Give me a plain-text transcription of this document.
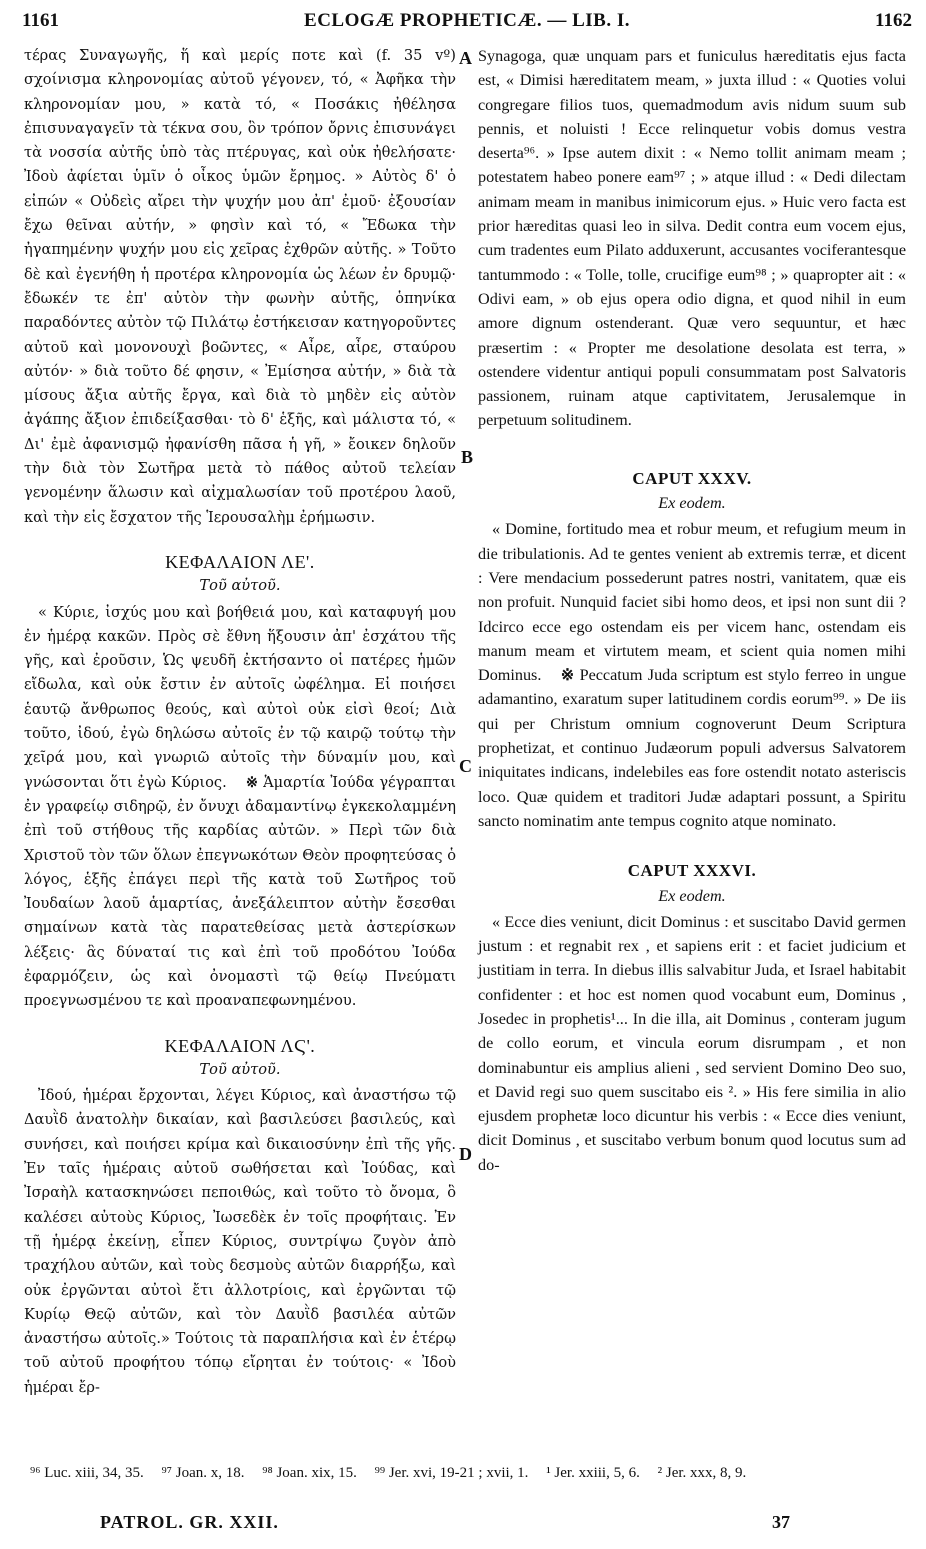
1161	ECLOGÆ PROPHETICÆ. — LIB. I.	1162
A
B
C
D

τέρας Συναγωγῆς, ἥ καὶ μερίς ποτε καὶ (f. 35 vº) σχοίνισμα κληρονομίας αὐτοῦ γέγονεν, τό, « Ἀφῆκα τὴν κληρονομίαν μου, » κατὰ τό, « Ποσάκις ἠθέλησα ἐπισυναγαγεῖν τὰ τέκνα σου, ὃν τρόπον ὄρνις ἐπισυνάγει τὰ νοσσία αὐτῆς ὑπὸ τὰς πτέρυγας, καὶ οὐκ ἠθελήσατε· Ἰδοὺ ἀφίεται ὑμῖν ὁ οἶκος ὑμῶν ἔρημος. » Αὐτὸς δ' ὁ εἰπών « Οὐδεὶς αἴρει τὴν ψυχήν μου ἀπ' ἐμοῦ· ἐξουσίαν ἔχω θεῖναι αὐτήν, » φησὶν καὶ τό, « Ἔδωκα τὴν ἠγαπημένην ψυχήν μου εἰς χεῖρας ἐχθρῶν αὐτῆς. » Τοῦτο δὲ καὶ ἐγενήθη ἡ προτέρα κληρονομία ὡς λέων ἐν δρυμῷ· ἔδωκέν τε ἐπ' αὐτὸν τὴν φωνὴν αὐτῆς, ὁπηνίκα παραδόντες αὐτὸν τῷ Πιλάτῳ ἐστήκεισαν κατηγοροῦντες αὐτοῦ καὶ μονονουχὶ βοῶντες, « Αἶρε, αἶρε, σταύρου αὐτόν· » διὰ τοῦτο δέ φησιν, « Ἐμίσησα αὐτήν, » διὰ τὰ μίσους ἄξια αὐτῆς ἔργα, καὶ διὰ τὸ μηδὲν εἰς αὐτὸν ἀγάπης ἄξιον ἐπιδείξασθαι· τὸ δ' ἑξῆς, καὶ μάλιστα τό, « Δι' ἐμὲ ἀφανισμῷ ἠφανίσθη πᾶσα ἡ γῆ, » ἔοικεν δηλοῦν τὴν διὰ τὸν Σωτῆρα μετὰ τὸ πάθος αὐτοῦ τελείαν γενομένην ἅλωσιν καὶ αἰχμαλωσίαν τοῦ προτέρου λαοῦ, καὶ τὴν εἰς ἔσχατον τῆς Ἱερουσαλὴμ ἐρήμωσιν.

ΚΕΦΑΛΑΙΟΝ ΛΕ'.
Τοῦ αὐτοῦ.

« Κύριε, ἰσχύς μου καὶ βοήθειά μου, καὶ καταφυγή μου ἐν ἡμέρᾳ κακῶν. Πρὸς σὲ ἔθνη ἥξουσιν ἀπ' ἐσχάτου τῆς γῆς, καὶ ἐροῦσιν, Ὡς ψευδῆ ἐκτήσαντο οἱ πατέρες ἡμῶν εἴδωλα, καὶ οὐκ ἔστιν ἐν αὐτοῖς ὠφέλημα. Εἰ ποιήσει ἑαυτῷ ἄνθρωπος θεούς, καὶ αὐτοὶ οὐκ εἰσὶ θεοί; Διὰ τοῦτο, ἰδού, ἐγὼ δηλώσω αὐτοῖς ἐν τῷ καιρῷ τούτῳ τὴν χεῖρά μου, καὶ γνωριῶ αὐτοῖς τὴν δύναμίν μου, καὶ γνώσονται ὅτι ἐγὼ Κύριος. ※ Ἁμαρτία Ἰούδα γέγραπται ἐν γραφείῳ σιδηρῷ, ἐν ὄνυχι ἀδαμαντίνῳ ἐγκεκολαμμένη ἐπὶ τοῦ στήθους τῆς καρδίας αὐτῶν. » Περὶ τῶν διὰ Χριστοῦ τὸν τῶν ὅλων ἐπεγνωκότων Θεὸν προφητεύσας ὁ λόγος, ἑξῆς ἐπάγει περὶ τῆς κατὰ τοῦ Σωτῆρος τοῦ Ἰουδαίων λαοῦ ἁμαρτίας, ἀνεξάλειπτον αὐτὴν ἔσεσθαι σημαίνων κατὰ τὰς παρατεθείσας μετὰ ἀστερίσκων λέξεις· ἃς δύναταί τις καὶ ἐπὶ τοῦ προδότου Ἰούδα ἐφαρμόζειν, ὡς καὶ ὀνομαστὶ τῷ θείῳ Πνεύματι προεγνωσμένου τε καὶ προαναπεφωνημένου.

ΚΕΦΑΛΑΙΟΝ ΛϚ'.
Τοῦ αὐτοῦ.

Ἰδού, ἡμέραι ἔρχονται, λέγει Κύριος, καὶ ἀναστήσω τῷ Δαυῒδ ἀνατολὴν δικαίαν, καὶ βασιλεύσει βασιλεύς, καὶ συνήσει, καὶ ποιήσει κρίμα καὶ δικαιοσύνην ἐπὶ τῆς γῆς. Ἐν ταῖς ἡμέραις αὐτοῦ σωθήσεται καὶ Ἰούδας, καὶ Ἰσραὴλ κατασκηνώσει πεποιθώς, καὶ τοῦτο τὸ ὄνομα, ὃ καλέσει αὐτοὺς Κύριος, Ἰωσεδὲκ ἐν τοῖς προφήταις. Ἐν τῇ ἡμέρᾳ ἐκείνῃ, εἶπεν Κύριος, συντρίψω ζυγὸν ἀπὸ τραχήλου αὐτῶν, καὶ τοὺς δεσμοὺς αὐτῶν διαρρήξω, καὶ οὐκ ἐργῶνται αὐτοὶ ἔτι ἀλλοτρίοις, καὶ ἐργῶνται τῷ Κυρίῳ Θεῷ αὐτῶν, καὶ τὸν Δαυῒδ βασιλέα αὐτῶν ἀναστήσω αὐτοῖς.» Τούτοις τὰ παραπλήσια καὶ ἐν ἑτέρῳ τοῦ αὐτοῦ προφήτου τόπῳ εἴρηται ἐν τούτοις· « Ἰδοὺ ἡμέραι ἔρ-

Synagoga, quæ unquam pars et funiculus hæreditatis ejus facta est, « Dimisi hæreditatem meam, » juxta illud : « Quoties volui congregare filios tuos, quemadmodum avis nidum suum sub pennis, et noluisti ! Ecce relinquetur vobis domus vestra deserta⁹⁶. » Ipse autem dixit : « Nemo tollit animam meam ; potestatem habeo ponere eam⁹⁷ ; » atque illud : « Dedi dilectam animam meam in manibus inimicorum ejus. » Huic vero facta est prior hæreditas quasi leo in silva. Dedit contra eum vocem ejus, cum tradentes eum Pilato adduxerunt, accusantes vociferantesque tantummodo : « Tolle, tolle, crucifige eum⁹⁸ ; » quapropter ait : « Odivi eam, » ob ejus opera odio digna, et quod nihil in eum amore dignum ostenderant. Quæ vero sequuntur, et hæc præsertim : « Propter me desolatione desolata est terra, » ostendere videntur antiqui populi consummatam post Salvatoris passionem, ruinam atque captivitatem, Jerusalemque in perpetuum solitudinem.

CAPUT XXXV.
Ex eodem.

« Domine, fortitudo mea et robur meum, et refugium meum in die tribulationis. Ad te gentes venient ab extremis terræ, et dicent : Vere mendacium possederunt patres nostri, vanitatem, quæ eis non profuit. Nunquid faciet sibi homo deos, et ipsi non sunt dii ? Idcirco ecce ego ostendam eis per vicem hanc, ostendam eis manum meam et virtutem meam, et scient quia nomen mihi Dominus. ※ Peccatum Juda scriptum est stylo ferreo in ungue adamantino, exaratum super latitudinem cordis eorum⁹⁹. » De iis qui per Christum omnium cognoverunt Deum Scriptura prophetizat, et continuo Judæorum populi adversus Salvatorem iniquitates indicans, indelebiles eas fore ostendit notato asteriscis loco. Quæ quidem et traditori Judæ adaptari possunt, a Spiritu sancto nominatim ante tempus cognito atque nominato.

CAPUT XXXVI.
Ex eodem.

« Ecce dies veniunt, dicit Dominus : et suscitabo David germen justum : et regnabit rex , et sapiens erit : et faciet judicium et justitiam in terra. In diebus illis salvabitur Juda, et Israel habitabit confidenter : et hoc est nomen quod vocabunt eum, Dominus , Josedec in prophetis¹... In die illa, ait Dominus , conteram jugum de collo eorum, et vincula eorum disrumpam , et non dominabuntur eis amplius alieni , sed servient Domino Deo suo, et David regi suo quem suscitabo eis ². » His fere similia in alio ejusdem prophetæ loco dicuntur his verbis : « Ecce dies veniunt, dicit Dominus , et suscitabo verbum bonum quod locutus sum ad do-

⁹⁶ Luc. xiii, 34, 35. ⁹⁷ Joan. x, 18. ⁹⁸ Joan. xix, 15. ⁹⁹ Jer. xvi, 19-21 ; xvii, 1. ¹ Jer. xxiii, 5, 6. ² Jer. xxx, 8, 9.
PATROL. GR. XXII.	37
